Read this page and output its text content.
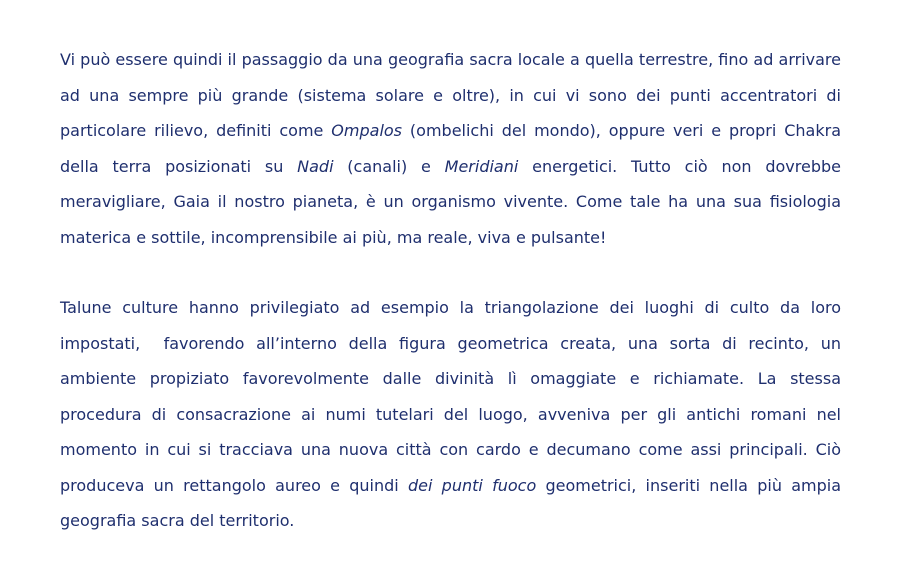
Vi può essere quindi il passaggio da una geografia sacra locale a quella terrestre, fino ad arrivare
ad una sempre più grande (sistema solare e oltre), in cui vi sono dei punti accentratori di
particolare rilievo, definiti come Ompalos (ombelichi del mondo), oppure veri e propri Chakra
della terra posizionati su Nadi (canali) e Meridiani energetici. Tutto ciò non dovrebbe
meravigliare, Gaia il nostro pianeta, è un organismo vivente. Come tale ha una sua fisiologia
materica e sottile, incomprensibile ai più, ma reale, viva e pulsante!
Talune culture hanno privilegiato ad esempio la triangolazione dei luoghi di culto da loro
impostati,  favorendo all’interno della figura geometrica creata, una sorta di recinto, un
ambiente propiziato favorevolmente dalle divinità lì omaggiate e richiamate. La stessa
procedura di consacrazione ai numi tutelari del luogo, avveniva per gli antichi romani nel
momento in cui si tracciava una nuova città con cardo e decumano come assi principali. Ciò
produceva un rettangolo aureo e quindi dei punti fuoco geometrici, inseriti nella più ampia
geografia sacra del territorio.
